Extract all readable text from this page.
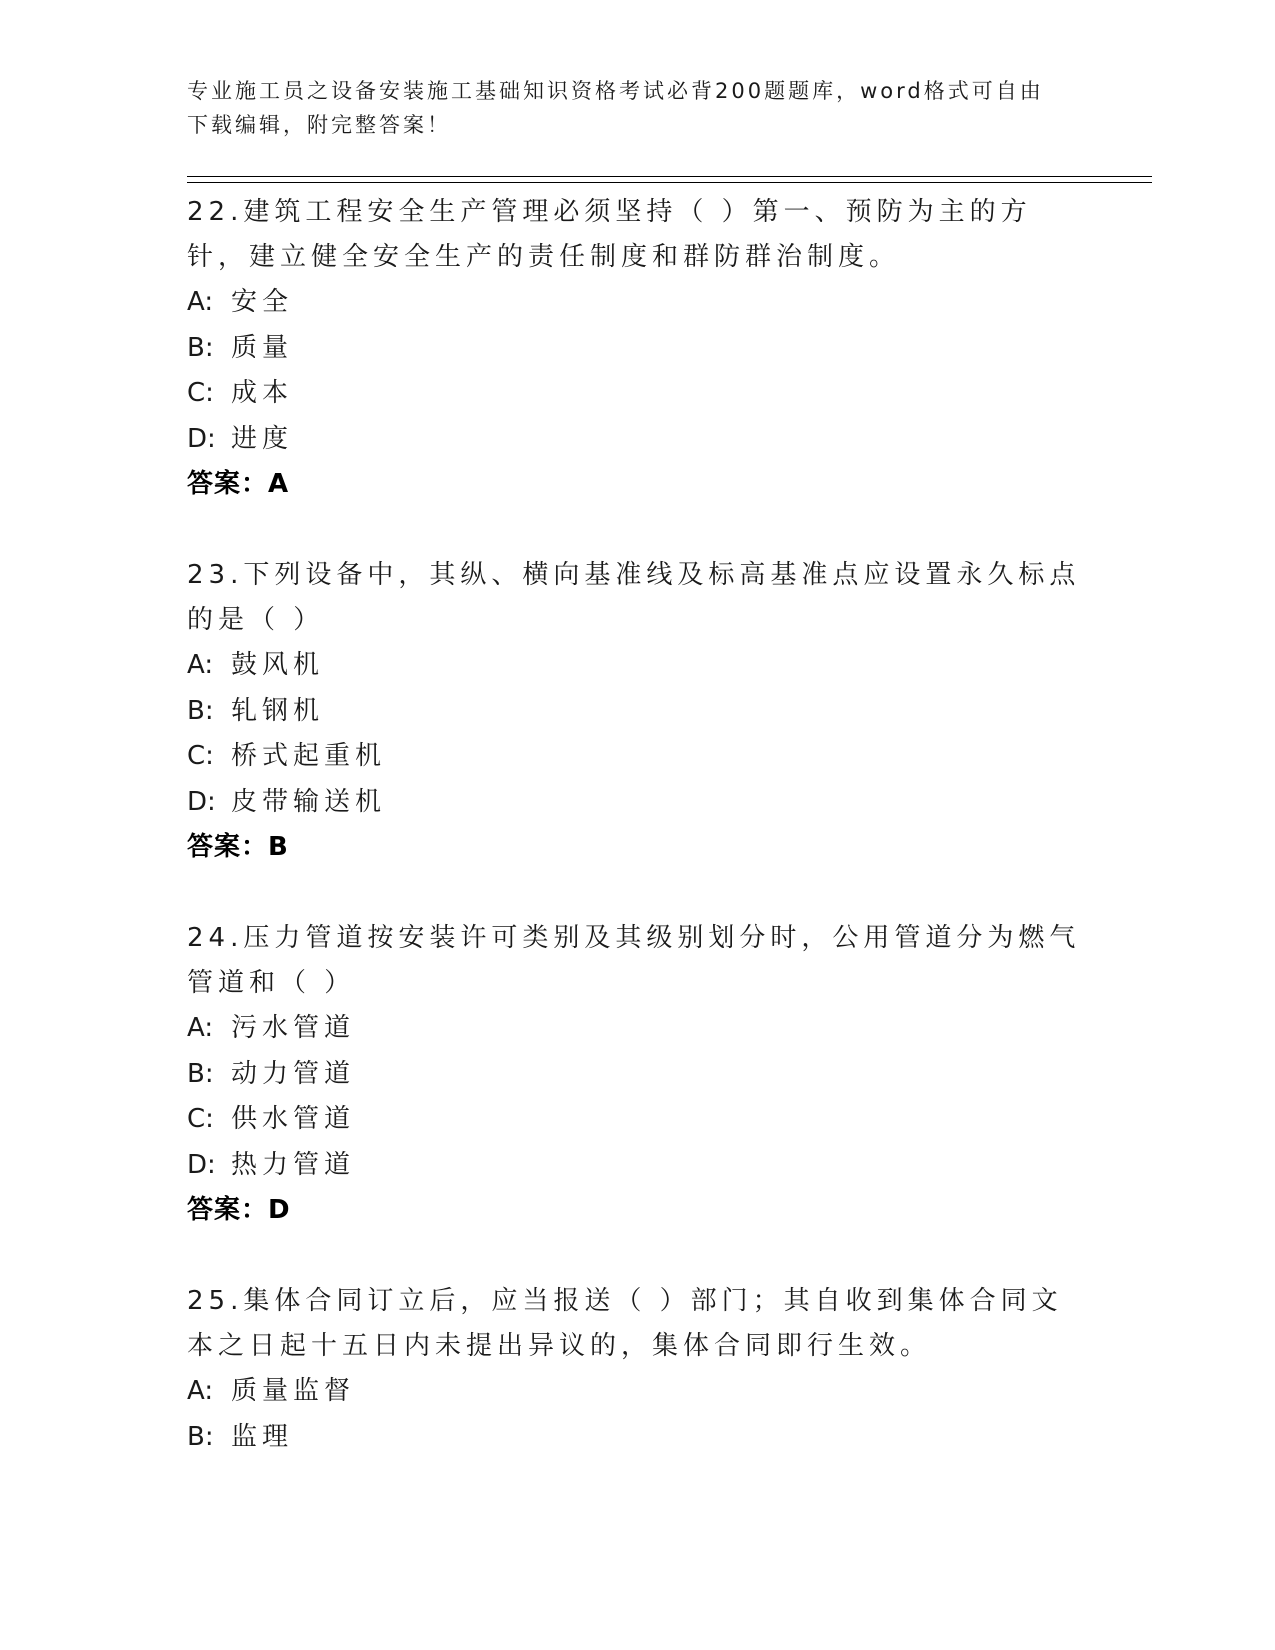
专业施工员之设备安装施工基础知识资格考试必背200题题库，word格式可自由下载编辑，附完整答案！
22.建筑工程安全生产管理必须坚持（ ）第一、预防为主的方针，建立健全安全生产的责任制度和群防群治制度。
A: 安全
B: 质量
C: 成本
D: 进度
答案：A
23.下列设备中，其纵、横向基准线及标高基准点应设置永久标点的是（ ）
A: 鼓风机
B: 轧钢机
C: 桥式起重机
D: 皮带输送机
答案：B
24.压力管道按安装许可类别及其级别划分时，公用管道分为燃气管道和（ ）
A: 污水管道
B: 动力管道
C: 供水管道
D: 热力管道
答案：D
25.集体合同订立后，应当报送（ ）部门；其自收到集体合同文本之日起十五日内未提出异议的，集体合同即行生效。
A: 质量监督
B: 监理
